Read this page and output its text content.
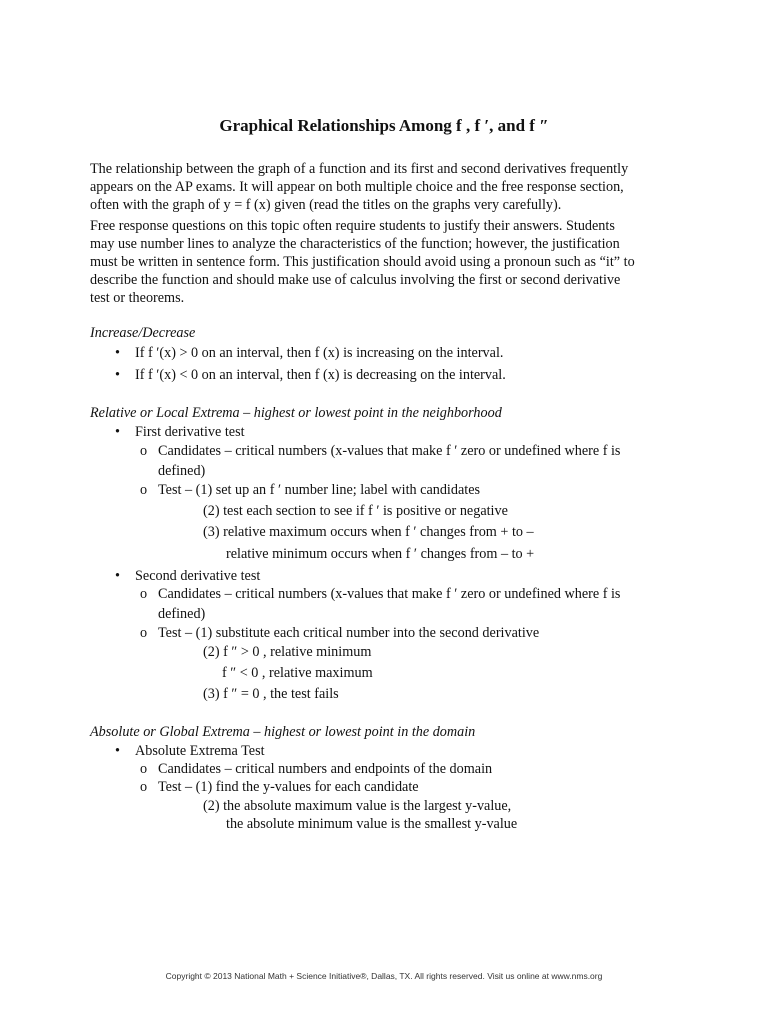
Graphical Relationships Among f , f ′, and f ″

The relationship between the graph of a function and its first and second derivatives frequently

appears on the AP exams. It will appear on both multiple choice and the free response section,

often with the graph of y = f (x) given (read the titles on the graphs very carefully).

Free response questions on this topic often require students to justify their answers. Students

may use number lines to analyze the characteristics of the function; however, the justification

must be written in sentence form. This justification should avoid using a pronoun such as “it” to

describe the function and should make use of calculus involving the first or second derivative

test or theorems.

Increase/Decrease
• If f ′(x) > 0 on an interval, then f (x) is increasing on the interval.
• If f ′(x) < 0 on an interval, then f (x) is decreasing on the interval.
Relative or Local Extrema – highest or lowest point in the neighborhood
• First derivative test
o Candidates – critical numbers (x-values that make f ′ zero or undefined where f is
defined)
o Test – (1) set up an f ′ number line; label with candidates
(2) test each section to see if f ′ is positive or negative
(3) relative maximum occurs when f ′ changes from + to –
relative minimum occurs when f ′ changes from – to +
• Second derivative test
o Candidates – critical numbers (x-values that make f ′ zero or undefined where f is
defined)
o Test – (1) substitute each critical number into the second derivative
(2) f ″ > 0 , relative minimum
f ″ < 0 , relative maximum
(3) f ″ = 0 , the test fails
Absolute or Global Extrema – highest or lowest point in the domain
• Absolute Extrema Test
o Candidates – critical numbers and endpoints of the domain
o Test – (1) find the y-values for each candidate
(2) the absolute maximum value is the largest y-value,
the absolute minimum value is the smallest y-value
Copyright © 2013 National Math + Science Initiative®, Dallas, TX. All rights reserved. Visit us online at www.nms.org
